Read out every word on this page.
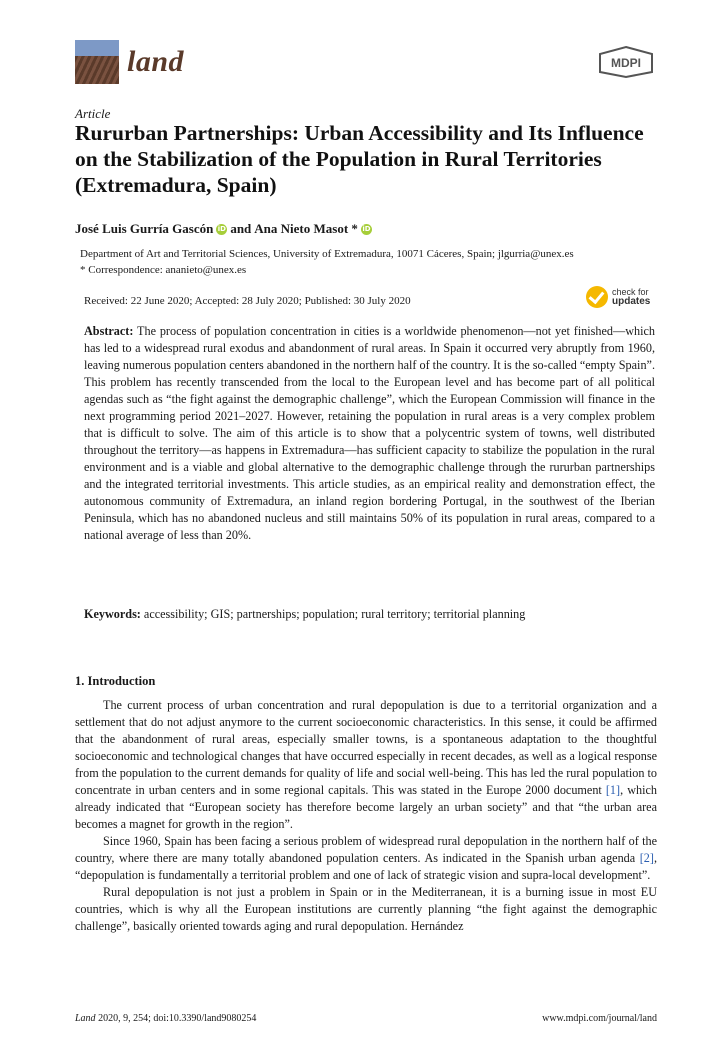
land	MDPI
Article
Rururban Partnerships: Urban Accessibility and Its Influence on the Stabilization of the Population in Rural Territories (Extremadura, Spain)
José Luis Gurría Gascón iD and Ana Nieto Masot * iD
Department of Art and Territorial Sciences, University of Extremadura, 10071 Cáceres, Spain; jlgurria@unex.es
* Correspondence: ananieto@unex.es
Received: 22 June 2020; Accepted: 28 July 2020; Published: 30 July 2020
check for
updates
Abstract: The process of population concentration in cities is a worldwide phenomenon—not yet finished—which has led to a widespread rural exodus and abandonment of rural areas. In Spain it occurred very abruptly from 1960, leaving numerous population centers abandoned in the northern half of the country. It is the so-called “empty Spain”. This problem has recently transcended from the local to the European level and has become part of all political agendas such as “the fight against the demographic challenge”, which the European Commission will finance in the next programming period 2021–2027. However, retaining the population in rural areas is a very complex problem that is difficult to solve. The aim of this article is to show that a polycentric system of towns, well distributed throughout the territory—as happens in Extremadura—has sufficient capacity to stabilize the population in the rural environment and is a viable and global alternative to the demographic challenge through the rururban partnerships and the integrated territorial investments. This article studies, as an empirical reality and demonstration effect, the autonomous community of Extremadura, an inland region bordering Portugal, in the southwest of the Iberian Peninsula, which has no abandoned nucleus and still maintains 50% of its population in rural areas, compared to a national average of less than 20%.
Keywords: accessibility; GIS; partnerships; population; rural territory; territorial planning
1. Introduction

The current process of urban concentration and rural depopulation is due to a territorial organization and a settlement that do not adjust anymore to the current socioeconomic characteristics. In this sense, it could be affirmed that the abandonment of rural areas, especially smaller towns, is a spontaneous adaptation to the thoughtful socioeconomic and technological changes that have occurred especially in recent decades, as well as a logical response from the population to the current demands for quality of life and social well-being. This has led the rural population to concentrate in urban centers and in some regional capitals. This was stated in the Europe 2000 document [1], which already indicated that “European society has therefore become largely an urban society” and that “the urban area becomes a magnet for growth in the region”.

Since 1960, Spain has been facing a serious problem of widespread rural depopulation in the northern half of the country, where there are many totally abandoned population centers. As indicated in the Spanish urban agenda [2], “depopulation is fundamentally a territorial problem and one of lack of strategic vision and supra-local development”.

Rural depopulation is not just a problem in Spain or in the Mediterranean, it is a burning issue in most EU countries, which is why all the European institutions are currently planning “the fight against the demographic challenge”, basically oriented towards aging and rural depopulation. Hernández

Land 2020, 9, 254; doi:10.3390/land9080254	www.mdpi.com/journal/land
